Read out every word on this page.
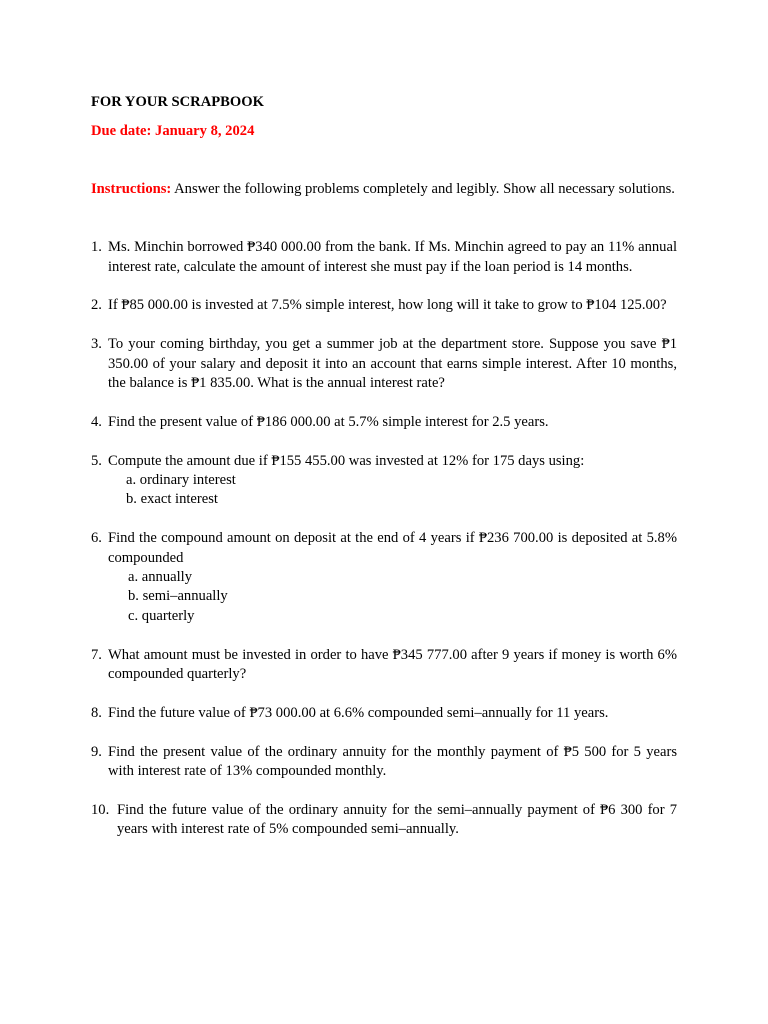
FOR YOUR SCRAPBOOK
Due date: January 8, 2024
Instructions: Answer the following problems completely and legibly. Show all necessary solutions.
1. Ms. Minchin borrowed ₱340 000.00 from the bank. If Ms. Minchin agreed to pay an 11% annual interest rate, calculate the amount of interest she must pay if the loan period is 14 months.
2. If ₱85 000.00 is invested at 7.5% simple interest, how long will it take to grow to ₱104 125.00?
3. To your coming birthday, you get a summer job at the department store. Suppose you save ₱1 350.00 of your salary and deposit it into an account that earns simple interest. After 10 months, the balance is ₱1 835.00. What is the annual interest rate?
4. Find the present value of ₱186 000.00 at 5.7% simple interest for 2.5 years.
5. Compute the amount due if ₱155 455.00 was invested at 12% for 175 days using:
a. ordinary interest
b. exact interest
6. Find the compound amount on deposit at the end of 4 years if ₱236 700.00 is deposited at 5.8% compounded
a. annually
b. semi–annually
c. quarterly
7. What amount must be invested in order to have ₱345 777.00 after 9 years if money is worth 6% compounded quarterly?
8. Find the future value of ₱73 000.00 at 6.6% compounded semi–annually for 11 years.
9. Find the present value of the ordinary annuity for the monthly payment of ₱5 500 for 5 years with interest rate of 13% compounded monthly.
10. Find the future value of the ordinary annuity for the semi–annually payment of ₱6 300 for 7 years with interest rate of 5% compounded semi–annually.
